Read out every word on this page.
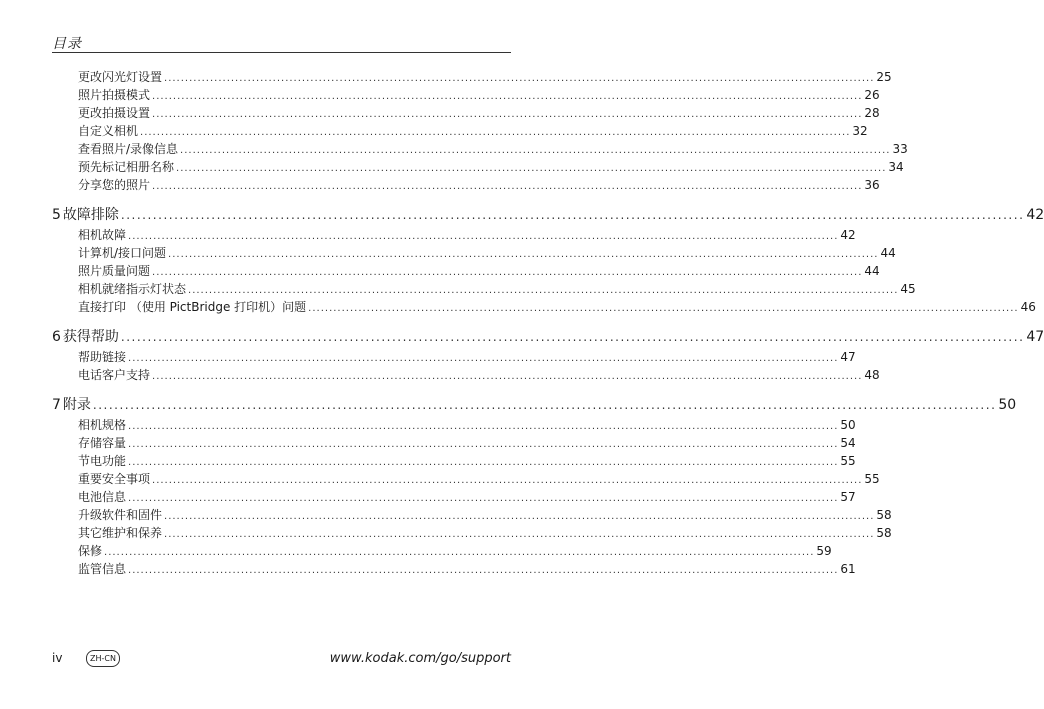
目录
更改闪光灯设置 .......................................................................................................................................................................... 25
照片拍摄模式 .......................................................................................................................................................................... 26
更改拍摄设置 .......................................................................................................................................................................... 28
自定义相机 .......................................................................................................................................................................... 32
查看照片/录像信息 .......................................................................................................................................................................... 33
预先标记相册名称 .......................................................................................................................................................................... 34
分享您的照片 .......................................................................................................................................................................... 36
5 故障排除 .......................................................................................................................................................................... 42
相机故障 .......................................................................................................................................................................... 42
计算机/接口问题 .......................................................................................................................................................................... 44
照片质量问题 .......................................................................................................................................................................... 44
相机就绪指示灯状态 .......................................................................................................................................................................... 45
直接打印 （使用 PictBridge 打印机）问题 .......................................................................................................................................................................... 46
6 获得帮助 .......................................................................................................................................................................... 47
帮助链接 .......................................................................................................................................................................... 47
电话客户支持 .......................................................................................................................................................................... 48
7 附录 .......................................................................................................................................................................... 50
相机规格 .......................................................................................................................................................................... 50
存储容量 .......................................................................................................................................................................... 54
节电功能 .......................................................................................................................................................................... 55
重要安全事项 .......................................................................................................................................................................... 55
电池信息 .......................................................................................................................................................................... 57
升级软件和固件 .......................................................................................................................................................................... 58
其它维护和保养 .......................................................................................................................................................................... 58
保修 .......................................................................................................................................................................... 59
监管信息 .......................................................................................................................................................................... 61
iv	ZH-CN	www.kodak.com/go/support
